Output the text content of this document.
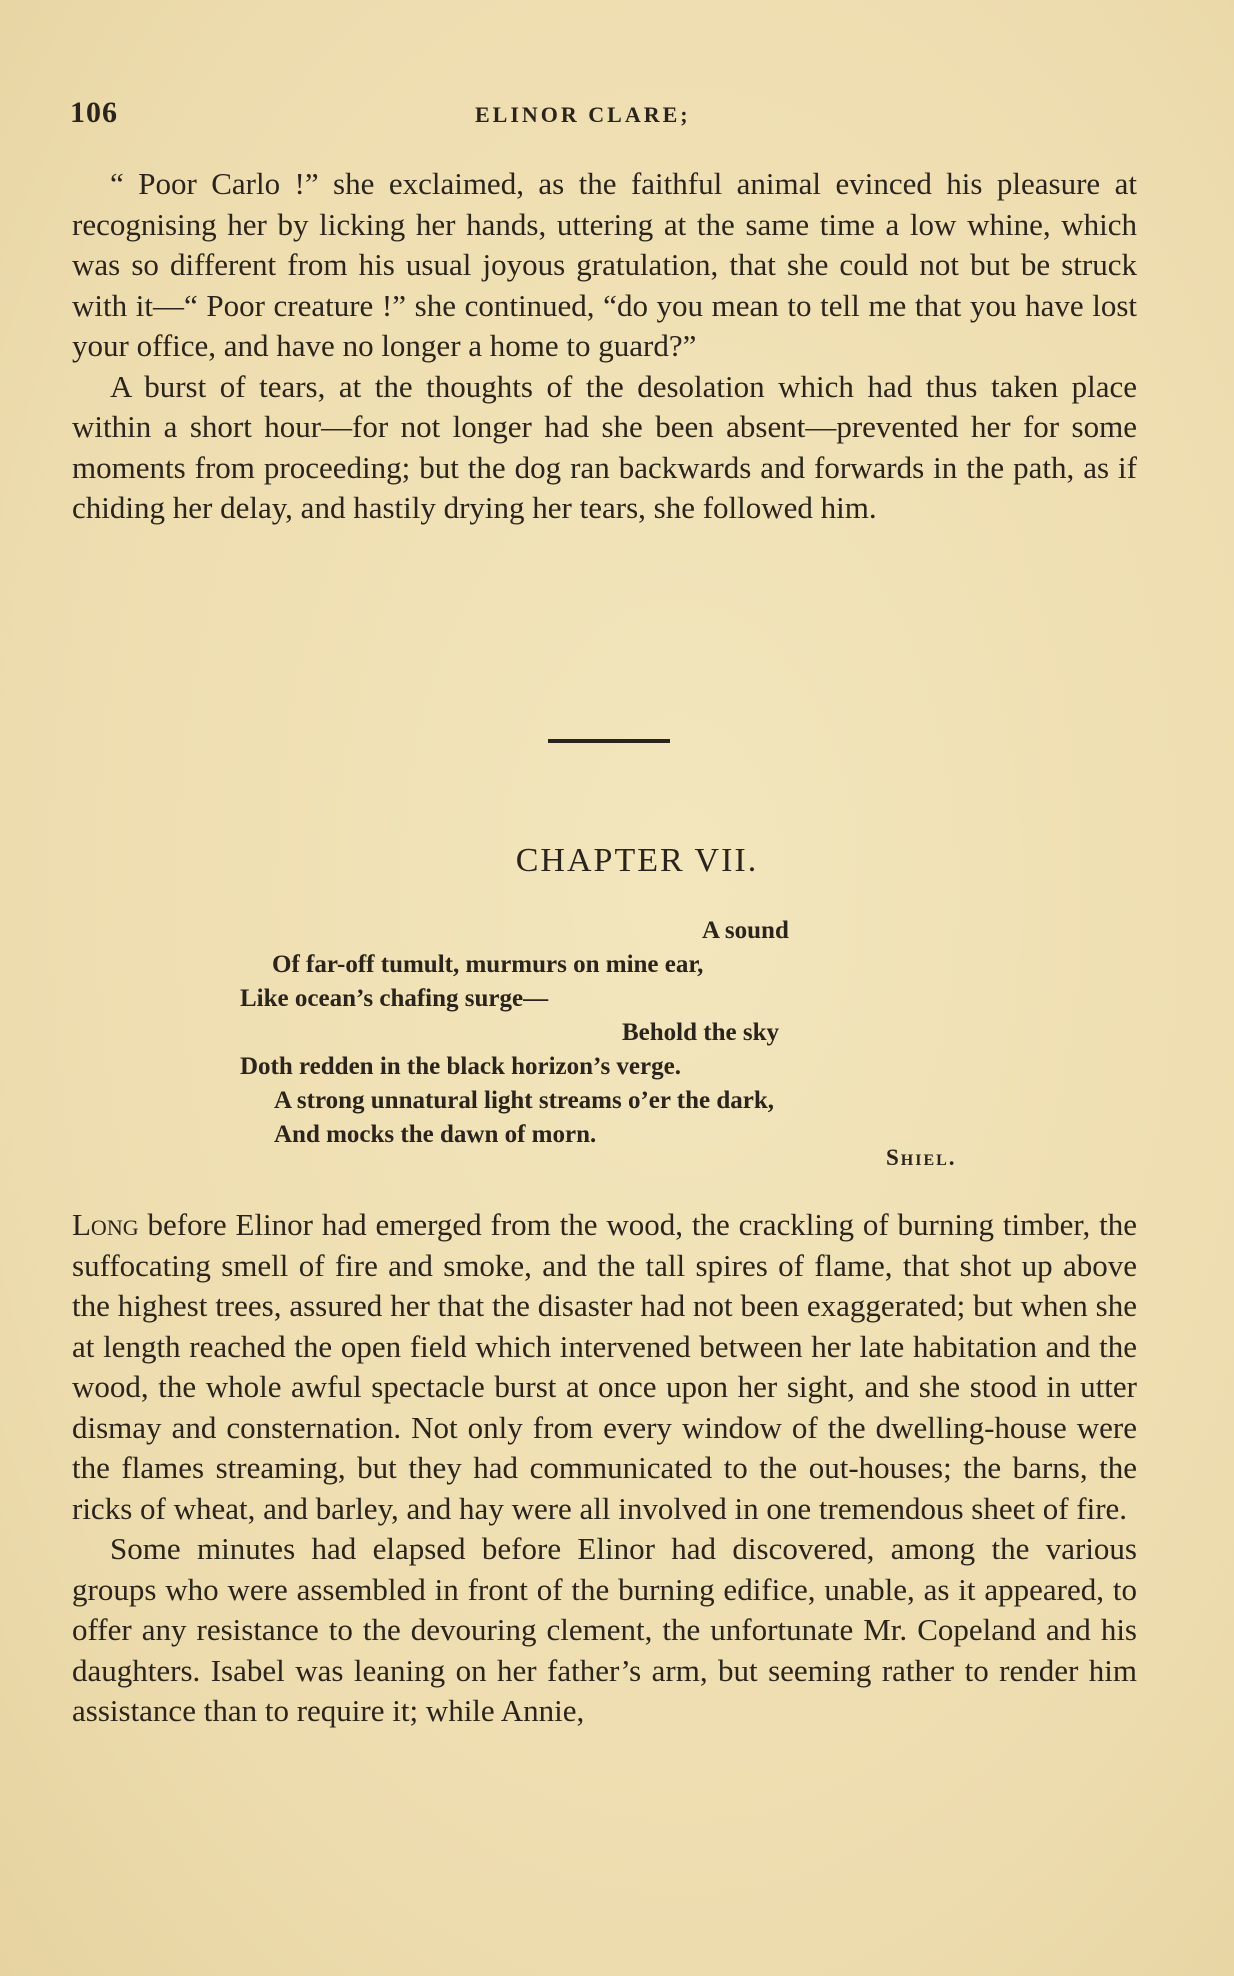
106	ELINOR CLARE;

“ Poor Carlo !” she exclaimed, as the faithful animal evinced his pleasure at recognising her by licking her hands, uttering at the same time a low whine, which was so different from his usual joyous gratulation, that she could not but be struck with it—“ Poor creature !” she continued, “do you mean to tell me that you have lost your office, and have no longer a home to guard?”

A burst of tears, at the thoughts of the desolation which had thus taken place within a short hour—for not longer had she been absent—prevented her for some moments from proceeding; but the dog ran backwards and forwards in the path, as if chiding her delay, and hastily drying her tears, she followed him.

CHAPTER VII.
A sound
Of far-off tumult, murmurs on mine ear,
Like ocean’s chafing surge—
Behold the sky
Doth redden in the black horizon’s verge.
A strong unnatural light streams o’er the dark,
And mocks the dawn of morn.
Shiel.

Long before Elinor had emerged from the wood, the crackling of burning timber, the suffocating smell of fire and smoke, and the tall spires of flame, that shot up above the highest trees, assured her that the disaster had not been exaggerated; but when she at length reached the open field which intervened between her late habitation and the wood, the whole awful spectacle burst at once upon her sight, and she stood in utter dismay and consternation. Not only from every window of the dwelling-house were the flames streaming, but they had communicated to the out-houses; the barns, the ricks of wheat, and barley, and hay were all involved in one tremendous sheet of fire.

Some minutes had elapsed before Elinor had discovered, among the various groups who were assembled in front of the burning edifice, unable, as it appeared, to offer any resistance to the devouring clement, the unfortunate Mr. Copeland and his daughters. Isabel was leaning on her father’s arm, but seeming rather to render him assistance than to require it; while Annie,
